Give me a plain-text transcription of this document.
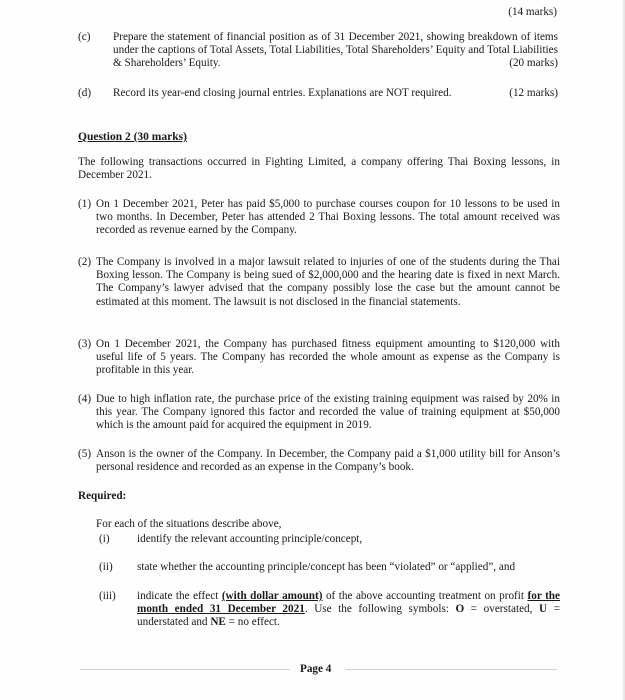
(14 marks)
(c) Prepare the statement of financial position as of 31 December 2021, showing breakdown of items under the captions of Total Assets, Total Liabilities, Total Shareholders’ Equity and Total Liabilities & Shareholders’ Equity.	(20 marks)
(d) Record its year-end closing journal entries. Explanations are NOT required.	(12 marks)
Question 2 (30 marks)
The following transactions occurred in Fighting Limited, a company offering Thai Boxing lessons, in December 2021.
(1) On 1 December 2021, Peter has paid $5,000 to purchase courses coupon for 10 lessons to be used in two months. In December, Peter has attended 2 Thai Boxing lessons. The total amount received was recorded as revenue earned by the Company.
(2) The Company is involved in a major lawsuit related to injuries of one of the students during the Thai Boxing lesson. The Company is being sued of $2,000,000 and the hearing date is fixed in next March. The Company’s lawyer advised that the company possibly lose the case but the amount cannot be estimated at this moment. The lawsuit is not disclosed in the financial statements.
(3) On 1 December 2021, the Company has purchased fitness equipment amounting to $120,000 with useful life of 5 years. The Company has recorded the whole amount as expense as the Company is profitable in this year.
(4) Due to high inflation rate, the purchase price of the existing training equipment was raised by 20% in this year. The Company ignored this factor and recorded the value of training equipment at $50,000 which is the amount paid for acquired the equipment in 2019.
(5) Anson is the owner of the Company. In December, the Company paid a $1,000 utility bill for Anson’s personal residence and recorded as an expense in the Company’s book.
Required:
For each of the situations describe above,
(i) identify the relevant accounting principle/concept,
(ii) state whether the accounting principle/concept has been “violated” or “applied”, and
(iii) indicate the effect (with dollar amount) of the above accounting treatment on profit for the month ended 31 December 2021. Use the following symbols: O = overstated, U = understated and NE = no effect.
Page 4
